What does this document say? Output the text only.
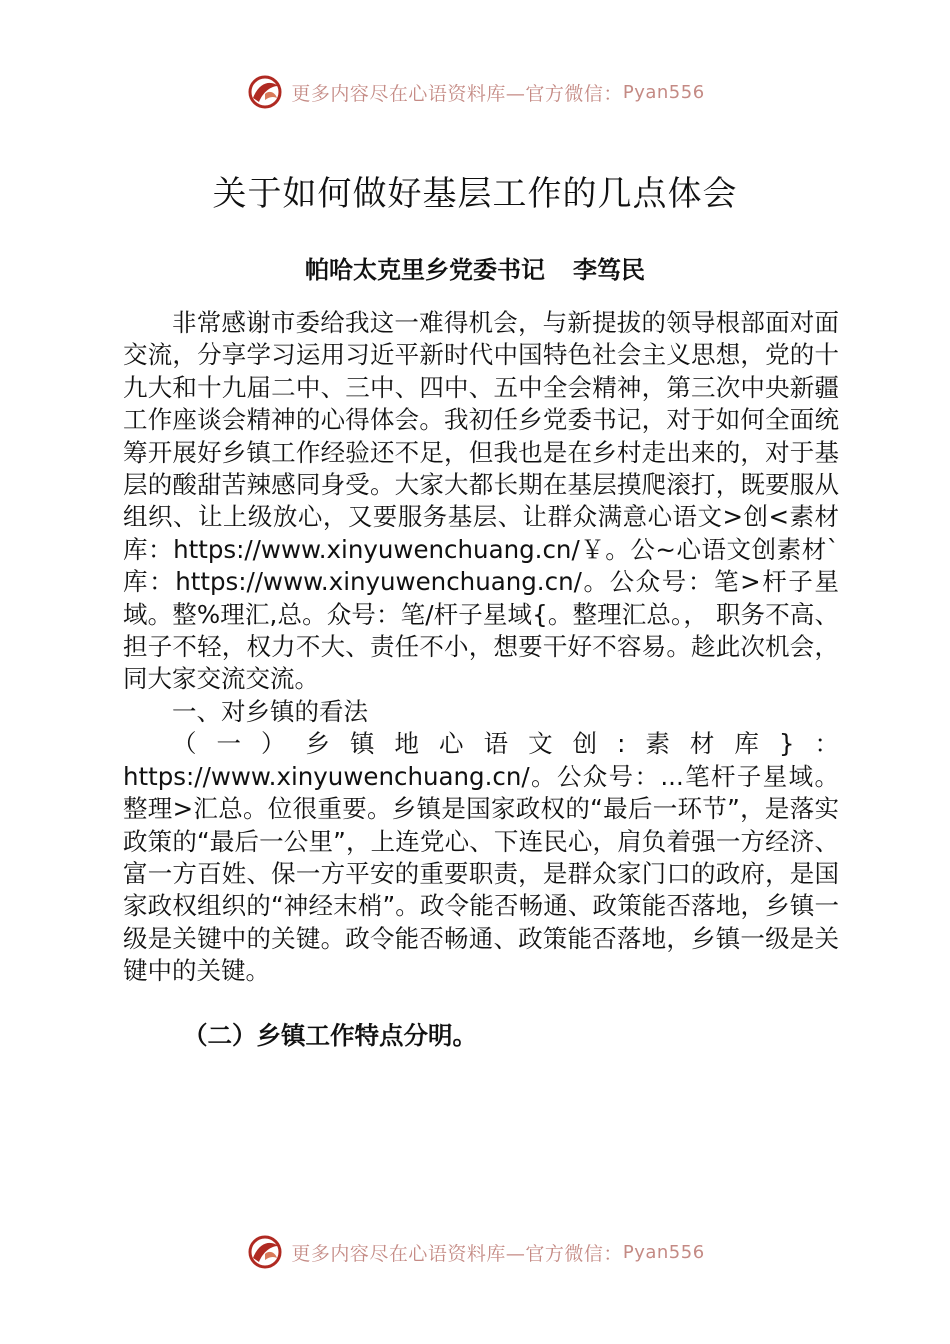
更多内容尽在心语资料库—官方微信： Pyan556
关于如何做好基层工作的几点体会
帕哈太克里乡党委书记 李笃民

非常感谢市委给我这一难得机会，与新提拔的领导根部面对面交流，分享学习运用习近平新时代中国特色社会主义思想，党的十九大和十九届二中、三中、四中、五中全会精神，第三次中央新疆工作座谈会精神的心得体会。我初任乡党委书记，对于如何全面统筹开展好乡镇工作经验还不足，但我也是在乡村走出来的，对于基层的酸甜苦辣感同身受。大家大都长期在基层摸爬滚打，既要服从组织、让上级放心，又要服务基层、让群众满意心语文>创<素材库：https://www.xinyuwenchuang.cn/￥。公~心语文创素材`库：https://www.xinyuwenchuang.cn/。公众号：笔>杆子星域。整%理汇,总。众号：笔/杆子星域{。整理汇总。， 职务不高、担子不轻，权力不大、责任不小，想要干好不容易。趁此次机会，同大家交流交流。

一、对乡镇的看法

（一）乡镇地心语文创:素材库}：https://www.xinyuwenchuang.cn/。公众号：...笔杆子星域。整理>汇总。位很重要。乡镇是国家政权的“最后一环节”，是落实政策的“最后一公里”，上连党心、下连民心，肩负着强一方经济、富一方百姓、保一方平安的重要职责，是群众家门口的政府，是国家政权组织的“神经末梢”。政令能否畅通、政策能否落地，乡镇一级是关键中的关键。政令能否畅通、政策能否落地，乡镇一级是关键中的关键。

（二）乡镇工作特点分明。

更多内容尽在心语资料库—官方微信： Pyan556
